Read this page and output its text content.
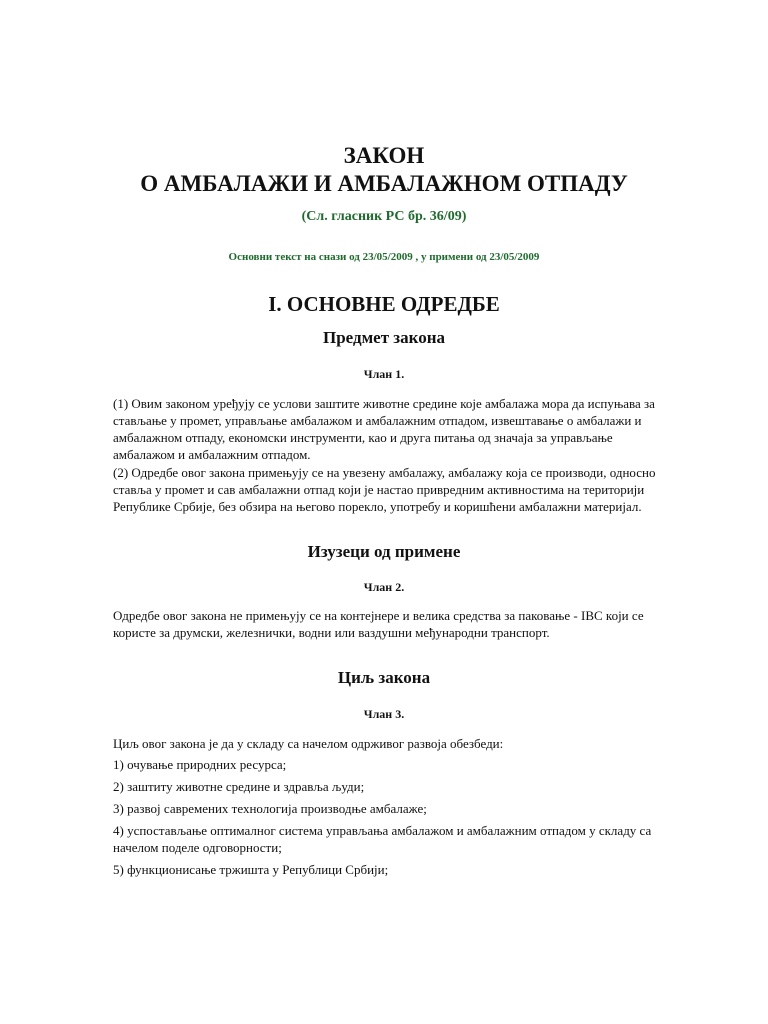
ЗАКОН

О АМБАЛАЖИ И АМБАЛАЖНОМ ОТПАДУ

(Сл. гласник РС бр. 36/09)

Основни текст на снази од 23/05/2009 , у примени од 23/05/2009

I. ОСНОВНЕ ОДРЕДБЕ

Предмет закона

Члан 1.

(1) Овим законом уређују се услови заштите животне средине које амбалажа мора да испуњава за стављање у промет, управљање амбалажом и амбалажним отпадом, извештавање о амбалажи и амбалажном отпаду, економски инструменти, као и друга питања од значаја за управљање амбалажом и амбалажним отпадом.

(2) Одредбе овог закона примењују се на увезену амбалажу, амбалажу која се производи, односно ставља у промет и сав амбалажни отпад који је настао привредним активностима на територији Републике Србије, без обзира на његово порекло, употребу и коришћени амбалажни материјал.

Изузеци од примене

Члан 2.

Одредбе овог закона не примењују се на контејнере и велика средства за паковање - IBC који се користе за друмски, железнички, водни или ваздушни међународни транспорт.

Циљ закона

Члан 3.

Циљ овог закона је да у складу са начелом одрживог развоја обезбеди:

1) очување природних ресурса;

2) заштиту животне средине и здравља људи;

3) развој савремених технологија производње амбалаже;

4) успостављање оптималног система управљања амбалажом и амбалажним отпадом у складу са начелом поделе одговорности;

5) функционисање тржишта у Републици Србији;
